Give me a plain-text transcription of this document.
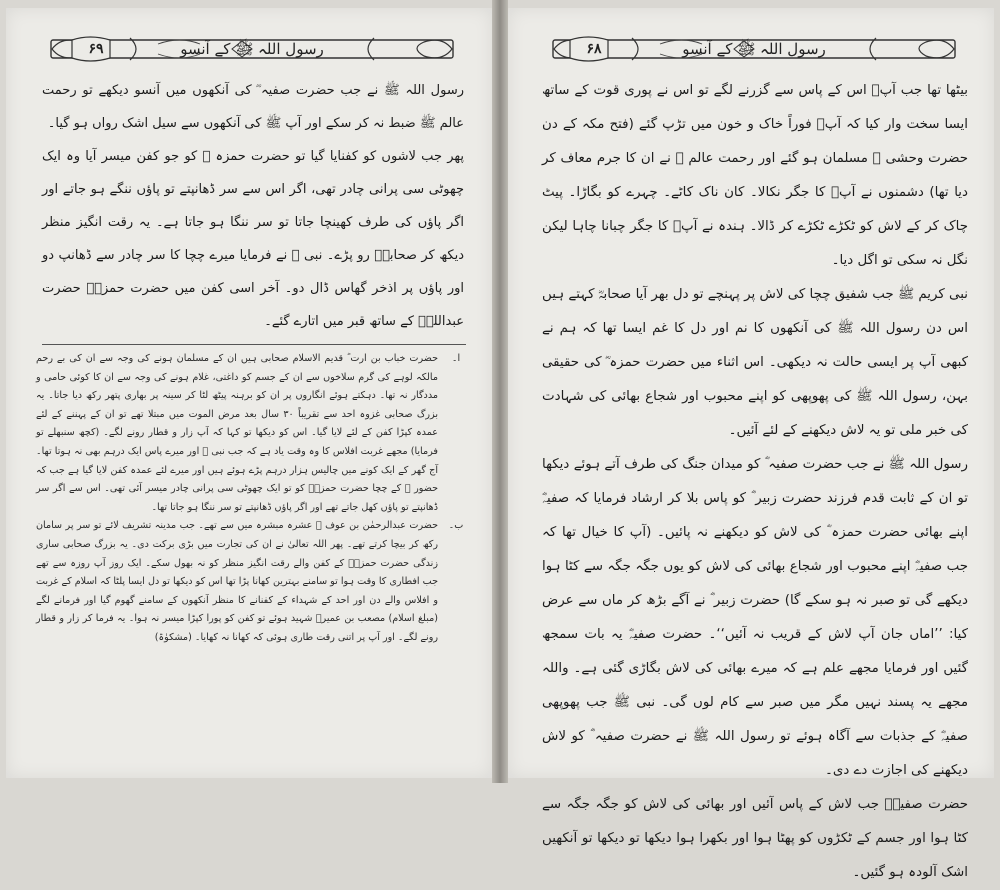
رسول اللہ ﷺ کے آنسو
۶۹

رسول اللہ ﷺ نے جب حضرت صفیہ ؓ کی آنکھوں میں آنسو دیکھے تو رحمت عالم ﷺ ضبط نہ کر سکے اور آپ ﷺ کی آنکھوں سے سیل اشک رواں ہو گیا۔

پھر جب لاشوں کو کفنایا گیا تو حضرت حمزہ ؓ کو جو کفن میسر آیا وہ ایک چھوٹی سی پرانی چادر تھی، اگر اس سے سر ڈھانپتے تو پاؤں ننگے ہو جاتے اور اگر پاؤں کی طرف کھینچا جاتا تو سر ننگا ہو جاتا ہے۔ یہ رقت انگیز منظر دیکھ کر صحابہؓ رو پڑے۔ نبی ﷺ نے فرمایا میرے چچا کا سر چادر سے ڈھانپ دو اور پاؤں پر اذخر گھاس ڈال دو۔ آخر اسی کفن میں حضرت حمزہؓ حضرت عبداللہؓ کے ساتھ قبر میں اتارے گئے۔

ا۔

حضرت خباب بن ارت ؓ قدیم الاسلام صحابی ہیں ان کے مسلمان ہونے کی وجہ سے ان کی بے رحم مالکہ لوہے کی گرم سلاخوں سے ان کے جسم کو داغتی، غلام ہونے کی وجہ سے ان کا کوئی حامی و مددگار نہ تھا۔ دہکتے ہوئے انگاروں پر ان کو برہنہ پیٹھ لٹا کر سینہ پر بھاری پتھر رکھ دیا جاتا۔ یہ بزرگ صحابی غزوہ احد سے تقریباً ۳۰ سال بعد مرض الموت میں مبتلا تھے تو ان کے پہننے کے لئے عمدہ کپڑا کفن کے لئے لایا گیا۔ اس کو دیکھا تو کہا کہ آپ زار و قطار رونے لگے۔ (کچھ سنبھلے تو فرمایا) مجھے غربت افلاس کا وہ وقت یاد ہے کہ جب نبی ﷺ اور میرے پاس ایک درہم بھی نہ ہوتا تھا۔ آج گھر کے ایک کونے میں چالیس ہزار درہم پڑے ہوئے ہیں اور میرے لئے عمدہ کفن لایا گیا ہے جب کہ حضور ﷺ کے چچا حضرت حمزہؓ کو تو ایک چھوٹی سی پرانی چادر میسر آئی تھی۔ اس سے اگر سر ڈھانپتے تو پاؤں کھل جاتے تھے اور اگر پاؤں ڈھانپتے تو سر ننگا ہو جاتا تھا۔

ب۔

حضرت عبدالرحمٰن بن عوف ؓ عشرہ مبشرہ میں سے تھے۔ جب مدینہ تشریف لائے تو سر پر سامان رکھ کر بیچا کرتے تھے۔ پھر اللہ تعالیٰ نے ان کی تجارت میں بڑی برکت دی۔ یہ بزرگ صحابی ساری زندگی حضرت حمزہؓ کے کفن والے رقت انگیز منظر کو نہ بھول سکے۔ ایک روز آپ روزہ سے تھے جب افطاری کا وقت ہوا تو سامنے بہترین کھانا پڑا تھا اس کو دیکھا تو دل ایسا پلٹا کہ اسلام کے غربت و افلاس والے دن اور احد کے شہداء کے کفنانے کا منظر آنکھوں کے سامنے گھوم گیا اور فرمانے لگے (مبلغ اسلام) مصعب بن عمیرؓ شہید ہوئے تو کفن کو پورا کپڑا میسر نہ ہوا۔ یہ فرما کر زار و قطار رونے لگے۔ اور آپ پر اتنی رقت طاری ہوئی کہ کھانا نہ کھایا۔ (مشکوٰۃ)

رسول اللہ ﷺ کے آنسو
۶۸

بیٹھا تھا جب آپؐ اس کے پاس سے گزرنے لگے تو اس نے پوری قوت کے ساتھ ایسا سخت وار کیا کہ آپؐ فوراً خاک و خون میں تڑپ گئے (فتح مکہ کے دن حضرت وحشی ؓ مسلمان ہو گئے اور رحمت عالم ﷺ نے ان کا جرم معاف کر دیا تھا) دشمنوں نے آپؐ کا جگر نکالا۔ کان ناک کاٹے۔ چہرے کو بگاڑا۔ پیٹ چاک کر کے لاش کو ٹکڑے ٹکڑے کر ڈالا۔ ہندہ نے آپؐ کا جگر چبانا چاہا لیکن نگل نہ سکی تو اگل دیا۔

نبی کریم ﷺ جب شفیق چچا کی لاش پر پہنچے تو دل بھر آیا صحابہؓ کہتے ہیں اس دن رسول اللہ ﷺ کی آنکھوں کا نم اور دل کا غم ایسا تھا کہ ہم نے کبھی آپ پر ایسی حالت نہ دیکھی۔ اس اثناء میں حضرت حمزہ ؓ کی حقیقی بہن، رسول اللہ ﷺ کی پھوپھی کو اپنے محبوب اور شجاع بھائی کی شہادت کی خبر ملی تو یہ لاش دیکھنے کے لئے آئیں۔

رسول اللہ ﷺ نے جب حضرت صفیہ ؓ کو میدان جنگ کی طرف آتے ہوئے دیکھا تو ان کے ثابت قدم فرزند حضرت زبیر ؓ کو پاس بلا کر ارشاد فرمایا کہ صفیہؓ اپنے بھائی حضرت حمزہ ؓ کی لاش کو دیکھنے نہ پائیں۔ (آپ کا خیال تھا کہ جب صفیہؓ اپنے محبوب اور شجاع بھائی کی لاش کو یوں جگہ جگہ سے کٹا ہوا دیکھے گی تو صبر نہ ہو سکے گا) حضرت زبیر ؓ نے آگے بڑھ کر ماں سے عرض کیا: ’’اماں جان آپ لاش کے قریب نہ آئیں‘‘۔ حضرت صفیہؓ یہ بات سمجھ گئیں اور فرمایا مجھے علم ہے کہ میرے بھائی کی لاش بگاڑی گئی ہے۔ واللہ مجھے یہ پسند نہیں مگر میں صبر سے کام لوں گی۔ نبی ﷺ جب پھوپھی صفیہؓ کے جذبات سے آگاہ ہوئے تو رسول اللہ ﷺ نے حضرت صفیہ ؓ کو لاش دیکھنے کی اجازت دے دی۔

حضرت صفیہؓ جب لاش کے پاس آئیں اور بھائی کی لاش کو جگہ جگہ سے کٹا ہوا اور جسم کے ٹکڑوں کو پھٹا ہوا اور بکھرا ہوا دیکھا تو دیکھا تو آنکھیں اشک آلودہ ہو گئیں۔
